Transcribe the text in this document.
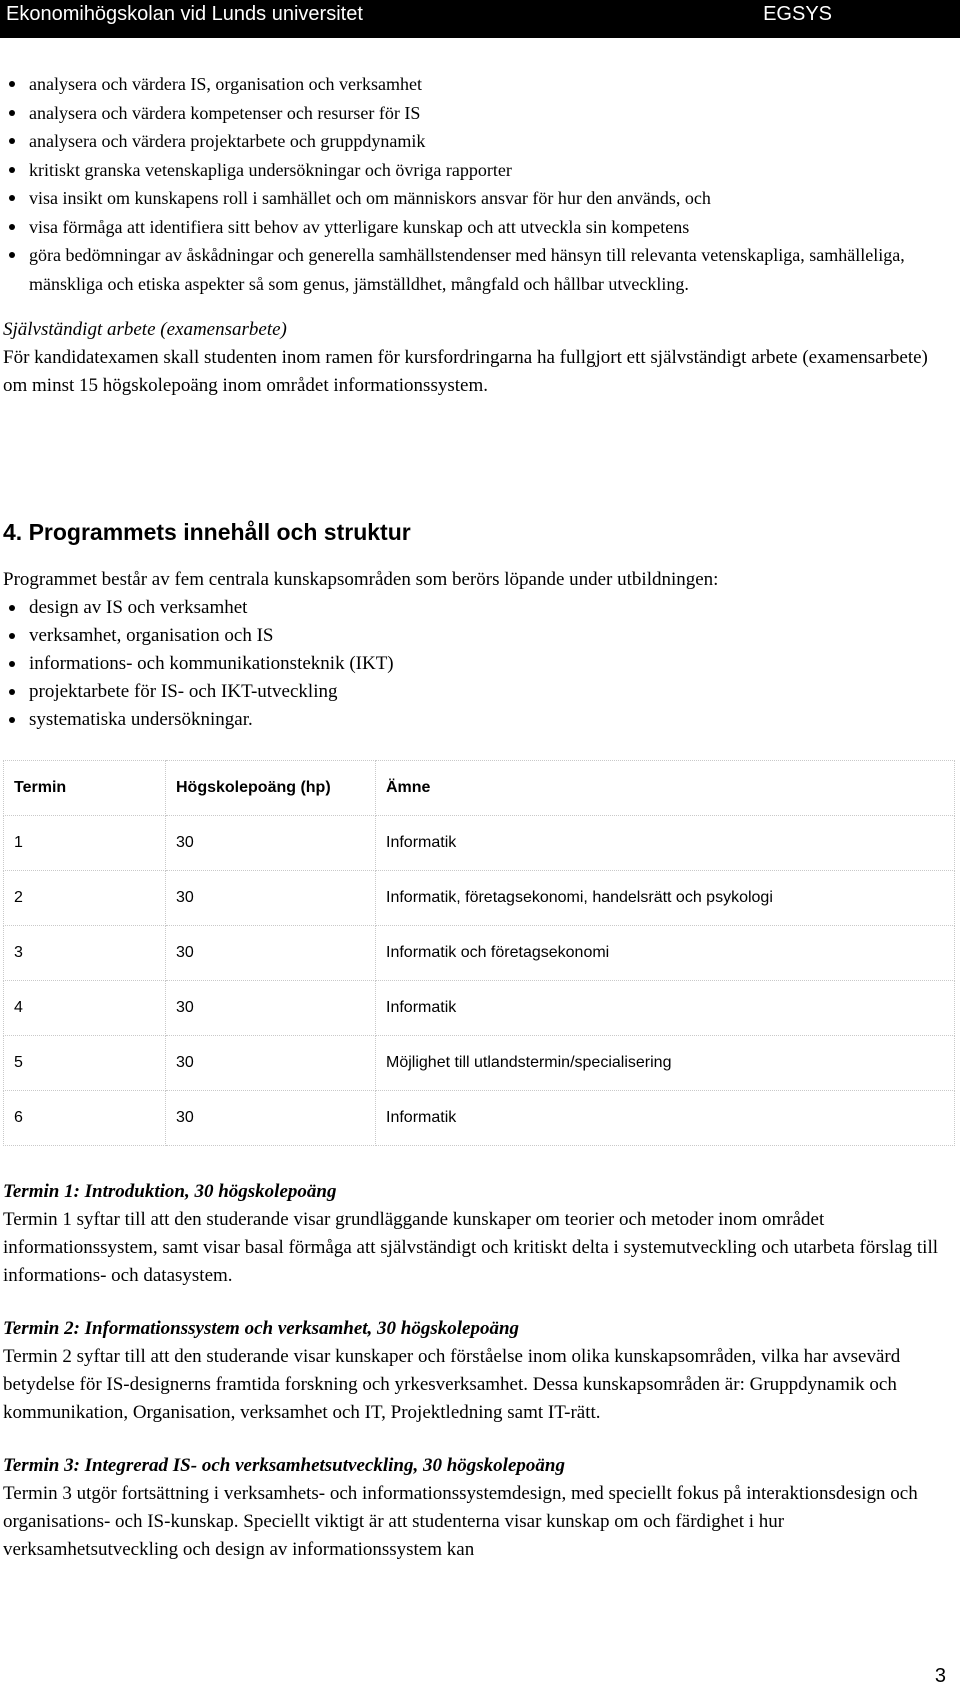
Ekonomihögskolan vid Lunds universitet	EGSYS
analysera och värdera IS, organisation och verksamhet
analysera och värdera kompetenser och resurser för IS
analysera och värdera projektarbete och gruppdynamik
kritiskt granska vetenskapliga undersökningar och övriga rapporter
visa insikt om kunskapens roll i samhället och om människors ansvar för hur den används, och
visa förmåga att identifiera sitt behov av ytterligare kunskap och att utveckla sin kompetens
göra bedömningar av åskådningar och generella samhällstendenser med hänsyn till relevanta vetenskapliga, samhälleliga, mänskliga och etiska aspekter så som genus, jämställdhet, mångfald och hållbar utveckling.

Självständigt arbete (examensarbete)

För kandidatexamen skall studenten inom ramen för kursfordringarna ha fullgjort ett självständigt arbete (examensarbete) om minst 15 högskolepoäng inom området informationssystem.

4. Programmets innehåll och struktur

Programmet består av fem centrala kunskapsområden som berörs löpande under utbildningen:

design av IS och verksamhet
verksamhet, organisation och IS
informations- och kommunikationsteknik (IKT)
projektarbete för IS- och IKT-utveckling
systematiska undersökningar.
Termin	Högskolepoäng (hp)	Ämne
1	30	Informatik
2	30	Informatik, företagsekonomi, handelsrätt och psykologi
3	30	Informatik och företagsekonomi
4	30	Informatik
5	30	Möjlighet till utlandstermin/specialisering
6	30	Informatik

Termin 1: Introduktion, 30 högskolepoäng

Termin 1 syftar till att den studerande visar grundläggande kunskaper om teorier och metoder inom området informationssystem, samt visar basal förmåga att självständigt och kritiskt delta i systemutveckling och utarbeta förslag till informations- och datasystem.

Termin 2: Informationssystem och verksamhet, 30 högskolepoäng

Termin 2 syftar till att den studerande visar kunskaper och förståelse inom olika kunskapsområden, vilka har avsevärd betydelse för IS-designerns framtida forskning och yrkesverksamhet. Dessa kunskapsområden är: Gruppdynamik och kommunikation, Organisation, verksamhet och IT, Projektledning samt IT-rätt.

Termin 3: Integrerad IS- och verksamhetsutveckling, 30 högskolepoäng

Termin 3 utgör fortsättning i verksamhets- och informationssystemdesign, med speciellt fokus på interaktionsdesign och organisations- och IS-kunskap. Speciellt viktigt är att studenterna visar kunskap om och färdighet i hur verksamhetsutveckling och design av informationssystem kan

3
